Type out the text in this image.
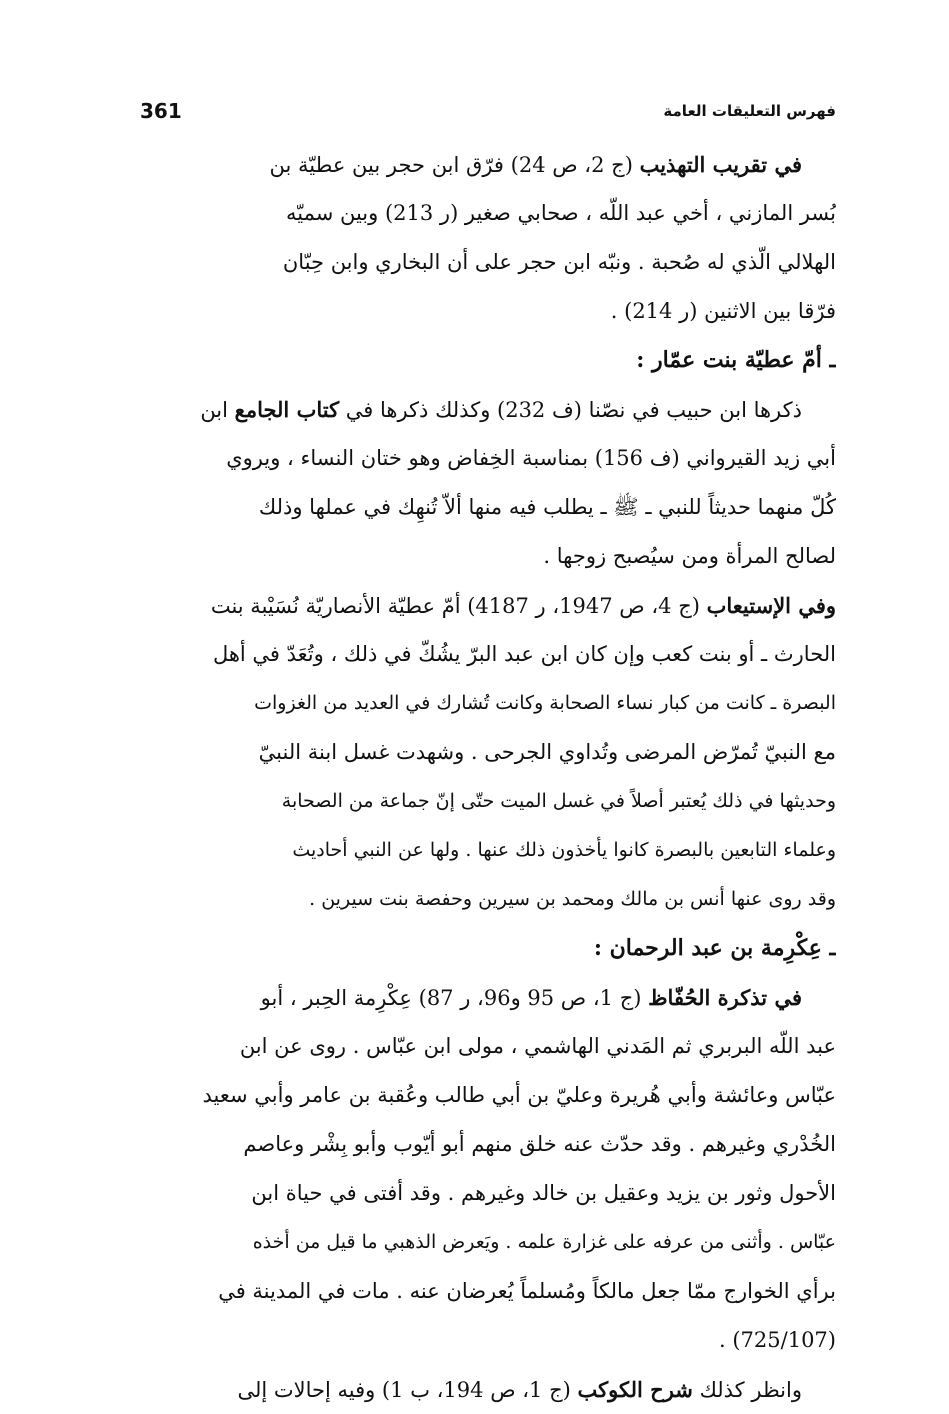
361	فهرس التعليقات العامة
في تقريب التهذيب (ج 2، ص 24) فرّق ابن حجر بين عطيّة بن
بُسر المازني ، أخي عبد اللّه ، صحابي صغير (ر 213) وبين سميّه
الهلالي الّذي له صُحبة . ونبّه ابن حجر على أن البخاري وابن حِبّان
فرّقا بين الاثنين (ر 214) .
ـ أمّ عطيّة بنت عمّار :
ذكرها ابن حبيب في نصّنا (ف 232) وكذلك ذكرها في كتاب الجامع ابن
أبي زيد القيرواني (ف 156) بمناسبة الخِفاض وهو ختان النساء ، ويروي
كُلّ منهما حديثاً للنبي ـ ﷺ ـ يطلب فيه منها ألاّ تُنهِك في عملها وذلك
لصالح المرأة ومن سيُصبح زوجها .
وفي الإستيعاب (ج 4، ص 1947، ر 4187) أمّ عطيّة الأنصاريّة نُسَيْبة بنت
الحارث ـ أو بنت كعب وإن كان ابن عبد البرّ يشُكّ في ذلك ، وتُعَدّ في أهل
البصرة ـ كانت من كبار نساء الصحابة وكانت تُشارك في العديد من الغزوات
مع النبيّ تُمرّض المرضى وتُداوي الجرحى . وشهدت غسل ابنة النبيّ
وحديثها في ذلك يُعتبر أصلاً في غسل الميت حتّى إنّ جماعة من الصحابة
وعلماء التابعين بالبصرة كانوا يأخذون ذلك عنها . ولها عن النبي أحاديث
وقد روى عنها أنس بن مالك ومحمد بن سيرين وحفصة بنت سيرين .
ـ عِكْرِمة بن عبد الرحمان :
في تذكرة الحُفّاظ (ج 1، ص 95 و96، ر 87) عِكْرِمة الحِبر ، أبو
عبد اللّه البربري ثم المَدني الهاشمي ، مولى ابن عبّاس . روى عن ابن
عبّاس وعائشة وأبي هُريرة وعليّ بن أبي طالب وعُقبة بن عامر وأبي سعيد
الخُدْري وغيرهم . وقد حدّث عنه خلق منهم أبو أيّوب وأبو بِشْر وعاصم
الأحول وثور بن يزيد وعقيل بن خالد وغيرهم . وقد أفتى في حياة ابن
عبّاس . وأثنى من عرفه على غزارة علمه . ويَعرض الذهبي ما قيل من أخذه
برأي الخوارج ممّا جعل مالكاً ومُسلماً يُعرضان عنه . مات في المدينة في
(725/107) .
وانظر كذلك شرح الكوكب (ج 1، ص 194، ب 1) وفيه إحالات إلى
